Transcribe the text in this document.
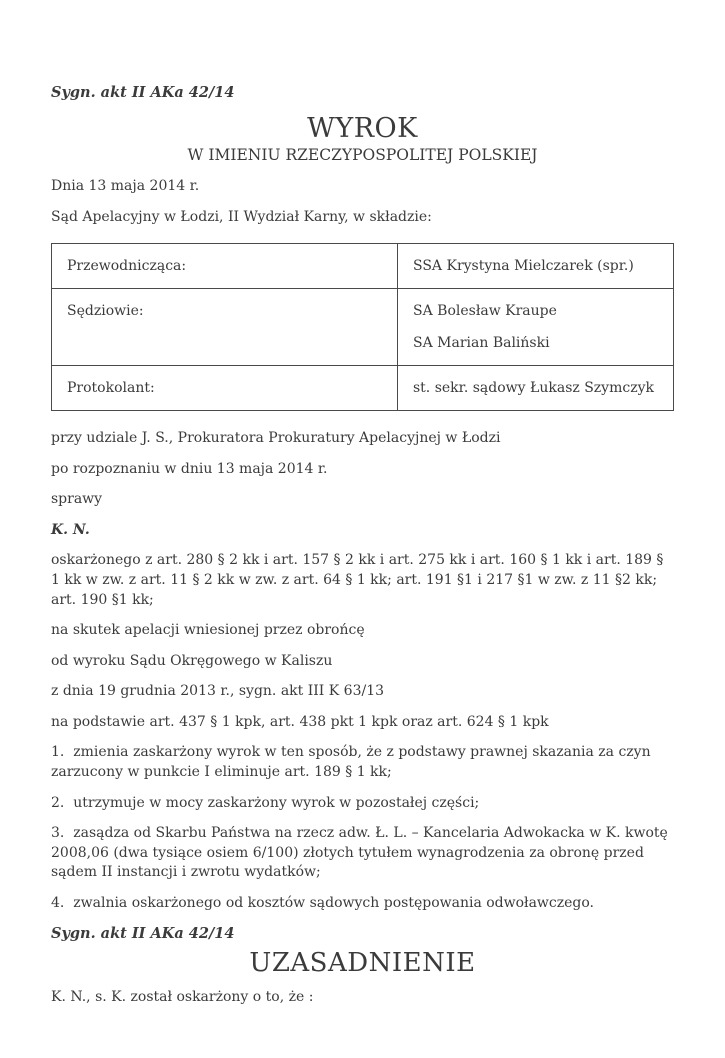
Sygn. akt II AKa 42/14

WYROK
W IMIENIU RZECZYPOSPOLITEJ POLSKIEJ

Dnia 13 maja 2014 r.

Sąd Apelacyjny w Łodzi, II Wydział Karny, w składzie:

Przewodnicząca:	SSA Krystyna Mielczarek (spr.)

Sędziowie:	SA Bolesław Kraupe

SA Marian Baliński

Protokolant:	st. sekr. sądowy Łukasz Szymczyk

przy udziale J. S., Prokuratora Prokuratury Apelacyjnej w Łodzi

po rozpoznaniu w dniu 13 maja 2014 r.

sprawy

K. N.

oskarżonego z art. 280 § 2 kk i art. 157 § 2 kk i art. 275 kk i art. 160 § 1 kk i art. 189 § 1 kk w zw. z art. 11 § 2 kk w zw. z art. 64 § 1 kk; art. 191 §1 i 217 §1 w zw. z 11 §2 kk; art. 190 §1 kk;

na skutek apelacji wniesionej przez obrońcę

od wyroku Sądu Okręgowego w Kaliszu

z dnia 19 grudnia 2013 r., sygn. akt III K 63/13

na podstawie art. 437 § 1 kpk, art. 438 pkt 1 kpk oraz art. 624 § 1 kpk

1.  zmienia zaskarżony wyrok w ten sposób, że z podstawy prawnej skazania za czyn zarzucony w punkcie I eliminuje art. 189 § 1 kk;

2.  utrzymuje w mocy zaskarżony wyrok w pozostałej części;

3.  zasądza od Skarbu Państwa na rzecz adw. Ł. L. – Kancelaria Adwokacka w K. kwotę 2008,06 (dwa tysiące osiem 6/100) złotych tytułem wynagrodzenia za obronę przed sądem II instancji i zwrotu wydatków;

4.  zwalnia oskarżonego od kosztów sądowych postępowania odwoławczego.

Sygn. akt II AKa 42/14

UZASADNIENIE

K. N., s. K. został oskarżony o to, że :
